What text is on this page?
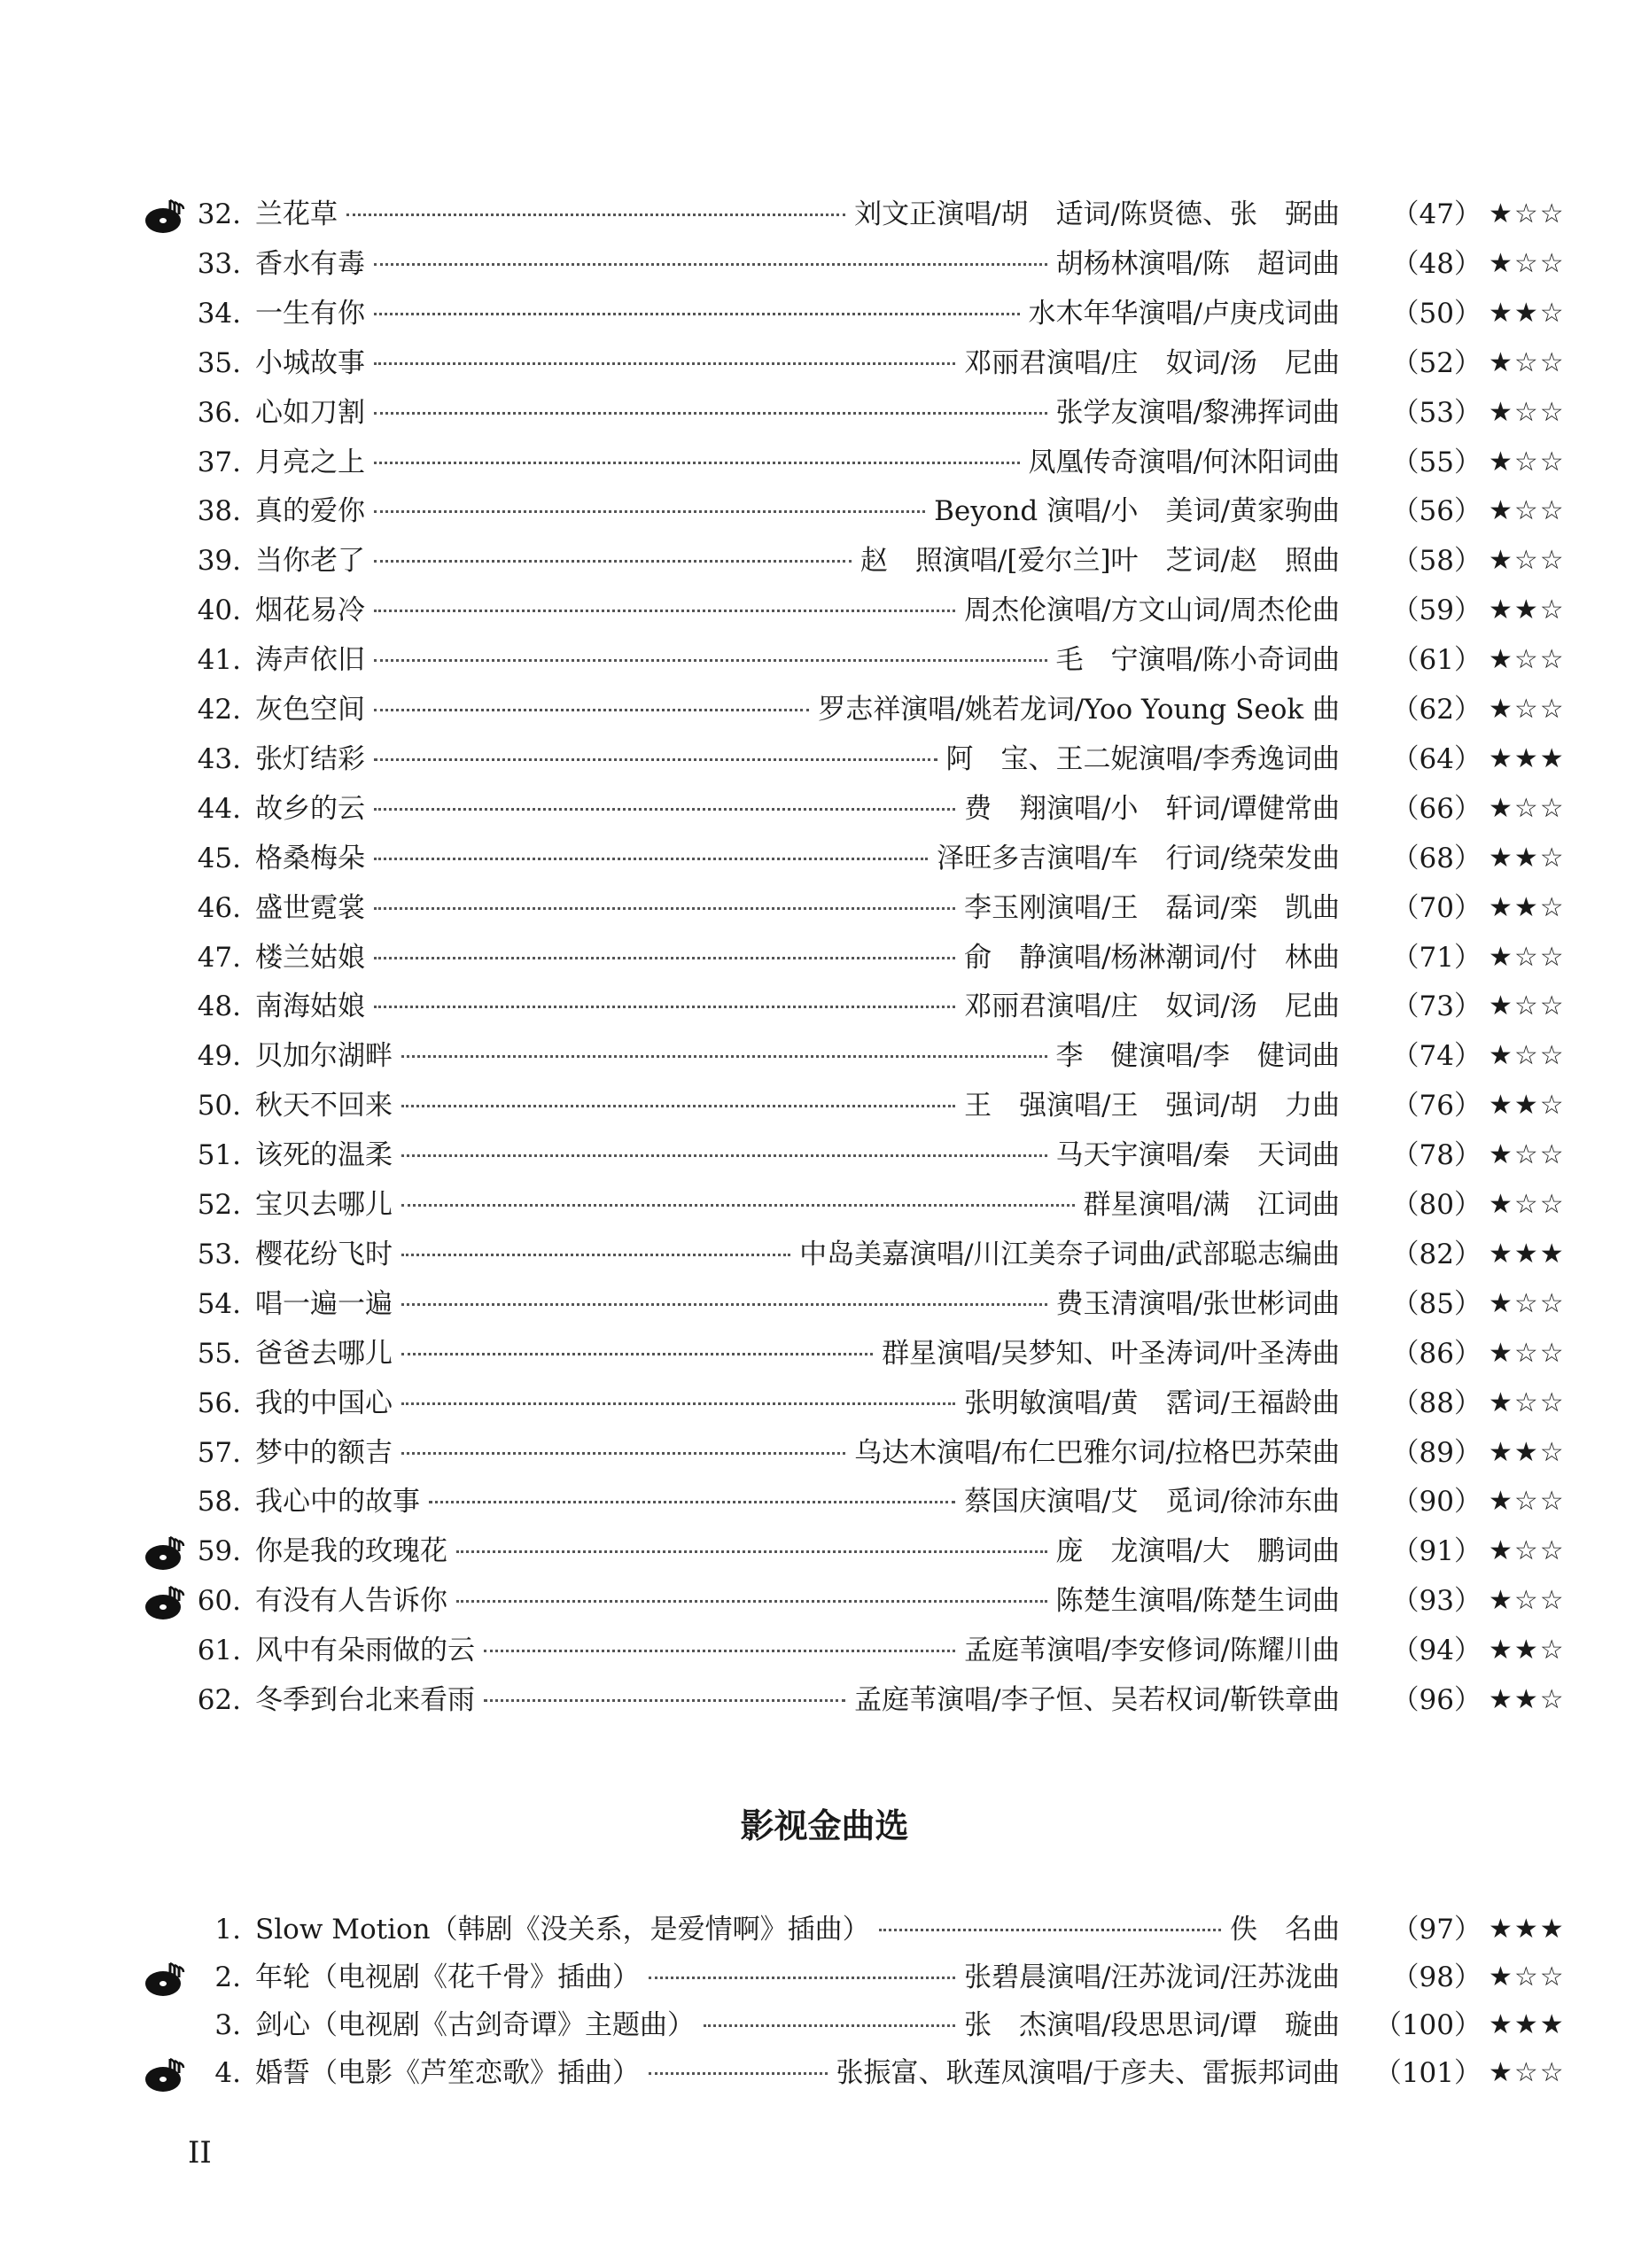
32. 兰花草	刘文正演唱/胡　适词/陈贤德、张　弼曲	（47） ★☆☆
33. 香水有毒	胡杨林演唱/陈　超词曲	（48） ★☆☆
34. 一生有你	水木年华演唱/卢庚戌词曲	（50） ★★☆
35. 小城故事	邓丽君演唱/庄　奴词/汤　尼曲	（52） ★☆☆
36. 心如刀割	张学友演唱/黎沸挥词曲	（53） ★☆☆
37. 月亮之上	凤凰传奇演唱/何沐阳词曲	（55） ★☆☆
38. 真的爱你	Beyond 演唱/小　美词/黄家驹曲	（56） ★☆☆
39. 当你老了	赵　照演唱/[爱尔兰]叶　芝词/赵　照曲	（58） ★☆☆
40. 烟花易冷	周杰伦演唱/方文山词/周杰伦曲	（59） ★★☆
41. 涛声依旧	毛　宁演唱/陈小奇词曲	（61） ★☆☆
42. 灰色空间	罗志祥演唱/姚若龙词/Yoo Young Seok 曲	（62） ★☆☆
43. 张灯结彩	阿　宝、王二妮演唱/李秀逸词曲	（64） ★★★
44. 故乡的云	费　翔演唱/小　轩词/谭健常曲	（66） ★☆☆
45. 格桑梅朵	泽旺多吉演唱/车　行词/绕荣发曲	（68） ★★☆
46. 盛世霓裳	李玉刚演唱/王　磊词/栾　凯曲	（70） ★★☆
47. 楼兰姑娘	俞　静演唱/杨淋潮词/付　林曲	（71） ★☆☆
48. 南海姑娘	邓丽君演唱/庄　奴词/汤　尼曲	（73） ★☆☆
49. 贝加尔湖畔	李　健演唱/李　健词曲	（74） ★☆☆
50. 秋天不回来	王　强演唱/王　强词/胡　力曲	（76） ★★☆
51. 该死的温柔	马天宇演唱/秦　天词曲	（78） ★☆☆
52. 宝贝去哪儿	群星演唱/满　江词曲	（80） ★☆☆
53. 樱花纷飞时	中岛美嘉演唱/川江美奈子词曲/武部聪志编曲	（82） ★★★
54. 唱一遍一遍	费玉清演唱/张世彬词曲	（85） ★☆☆
55. 爸爸去哪儿	群星演唱/吴梦知、叶圣涛词/叶圣涛曲	（86） ★☆☆
56. 我的中国心	张明敏演唱/黄　霑词/王福龄曲	（88） ★☆☆
57. 梦中的额吉	乌达木演唱/布仁巴雅尔词/拉格巴苏荣曲	（89） ★★☆
58. 我心中的故事	蔡国庆演唱/艾　觅词/徐沛东曲	（90） ★☆☆
59. 你是我的玫瑰花	庞　龙演唱/大　鹏词曲	（91） ★☆☆
60. 有没有人告诉你	陈楚生演唱/陈楚生词曲	（93） ★☆☆
61. 风中有朵雨做的云	孟庭苇演唱/李安修词/陈耀川曲	（94） ★★☆
62. 冬季到台北来看雨	孟庭苇演唱/李子恒、吴若权词/靳铁章曲	（96） ★★☆
影视金曲选
1. Slow Motion（韩剧《没关系，是爱情啊》插曲）	佚　名曲	（97） ★★★
2. 年轮（电视剧《花千骨》插曲）	张碧晨演唱/汪苏泷词/汪苏泷曲	（98） ★☆☆
3. 剑心（电视剧《古剑奇谭》主题曲）	张　杰演唱/段思思词/谭　璇曲	（100） ★★★
4. 婚誓（电影《芦笙恋歌》插曲）	张振富、耿莲凤演唱/于彦夫、雷振邦词曲	（101） ★☆☆
II
